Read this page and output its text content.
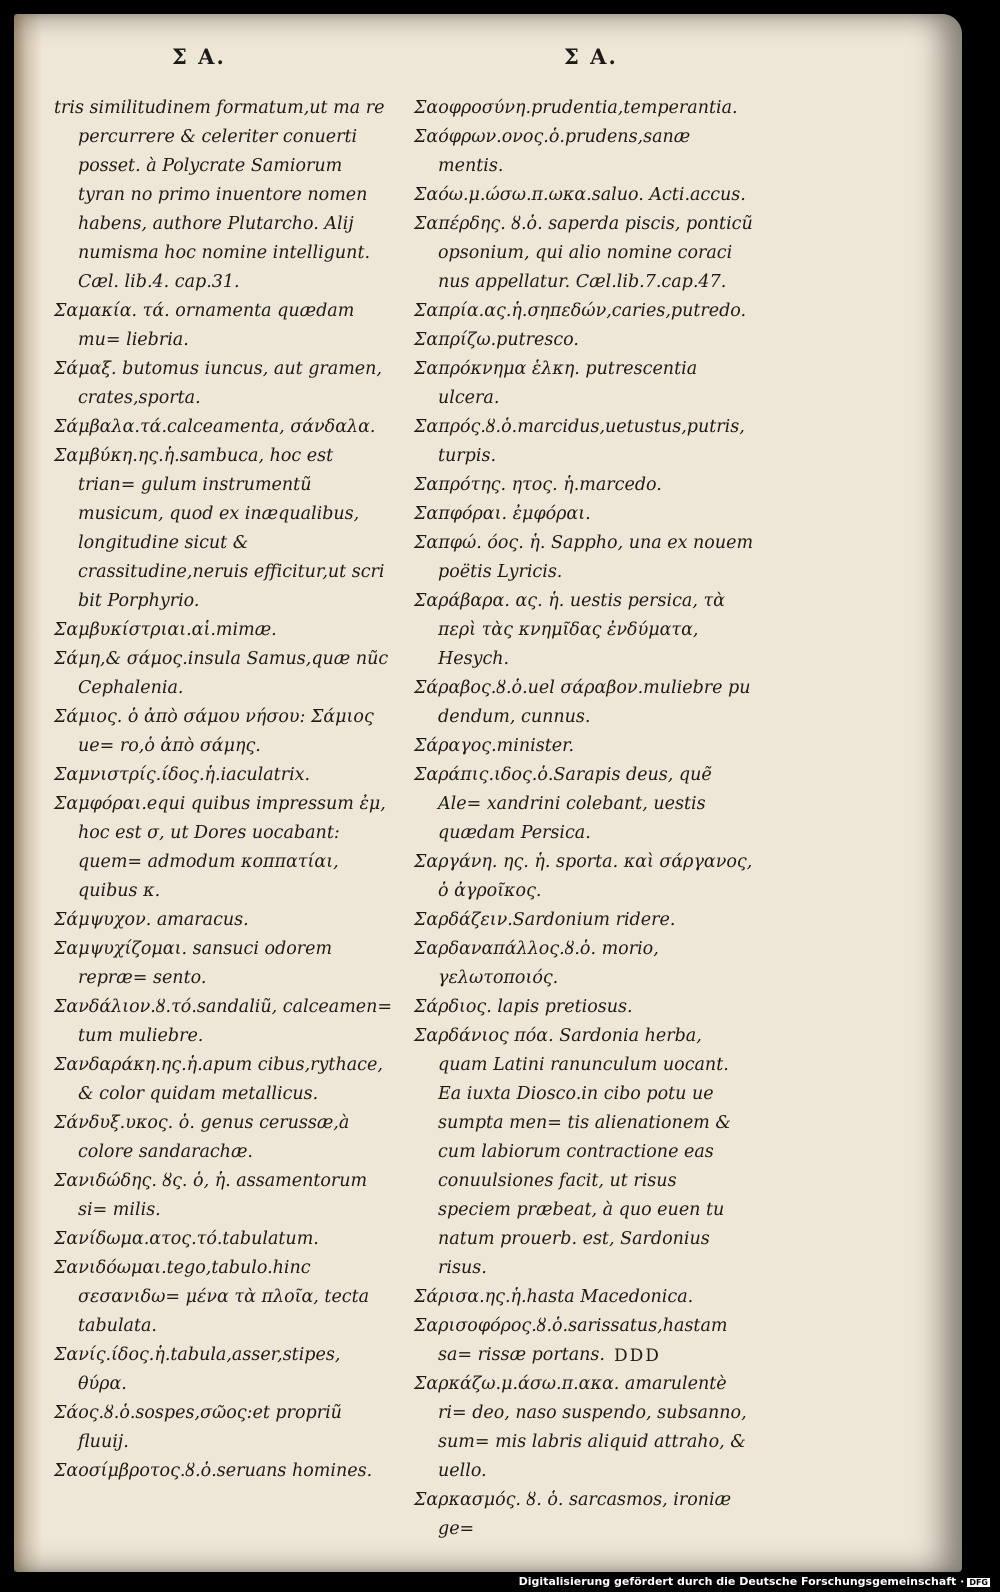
Σ A.	Σ A.

tris similitudinem formatum,ut ma re percurrere & celeriter conuerti posset. à Polycrate Samiorum tyran no primo inuentore nomen habens, authore Plutarcho. Alij numisma hoc nomine intelligunt. Cæl. lib.4. cap.31.

Σαμακία. τά. ornamenta quædam mu= liebria.

Σάμαξ. butomus iuncus, aut gramen, crates,sporta.

Σάμβαλα.τά.calceamenta, σάνδαλα.

Σαμβύκη.ης.ἡ.sambuca, hoc est trian= gulum instrumentũ musicum, quod ex inæqualibus, longitudine sicut & crassitudine,neruis efficitur,ut scri bit Porphyrio.

Σαμβυκίστριαι.αἱ.mimæ.

Σάμη,& σάμος.insula Samus,quæ nũc Cephalenia.

Σάμιος. ὁ ἀπὸ σάμου νήσου: Σάμιος ue= ro,ὁ ἀπὸ σάμης.

Σαμνιστρίς.ίδος.ἡ.iaculatrix.

Σαμφόραι.equi quibus impressum ἐμ, hoc est σ, ut Dores uocabant: quem= admodum κοππατίαι, quibus κ.

Σάμψυχον. amaracus.

Σαμψυχίζομαι. sansuci odorem repræ= sento.

Σανδάλιον.ȣ.τό.sandaliũ, calceamen= tum muliebre.

Σανδαράκη.ης.ἡ.apum cibus,rythace, & color quidam metallicus.

Σάνδυξ.υκος. ὁ. genus cerussæ,à colore sandarachæ.

Σανιδώδης. ȣς. ὁ, ἡ. assamentorum si= milis.

Σανίδωμα.ατος.τό.tabulatum.

Σανιδόωμαι.tego,tabulo.hinc σεσανιδω= μένα τὰ πλοῖα, tecta tabulata.

Σανίς.ίδος.ἡ.tabula,asser,stipes, θύρα.

Σάος.ȣ.ὁ.sospes,σῶος:et propriũ fluuij.

Σαοσίμβροτος.ȣ.ὁ.seruans homines.

Σαοφροσύνη.prudentia,temperantia.

Σαόφρων.ονος.ὁ.prudens,sanæ mentis.

Σαόω.μ.ώσω.π.ωκα.saluo. Acti.accus.

Σαπέρδης. ȣ.ὁ. saperda piscis, ponticũ opsonium, qui alio nomine coraci nus appellatur. Cæl.lib.7.cap.47.

Σαπρία.ας.ἡ.σηπεδών,caries,putredo.

Σαπρίζω.putresco.

Σαπρόκνημα ἑλκη. putrescentia ulcera.

Σαπρός.ȣ.ὁ.marcidus,uetustus,putris, turpis.

Σαπρότης. ητος. ἡ.marcedo.

Σαπφόραι. ἐμφόραι.

Σαπφώ. όος. ἡ. Sappho, una ex nouem poëtis Lyricis.

Σαράβαρα. ας. ἡ. uestis persica, τὰ περὶ τὰς κνημῖδας ἐνδύματα, Hesych.

Σάραβος.ȣ.ὁ.uel σάραβον.muliebre pu dendum, cunnus.

Σάραγος.minister.

Σαράπις.ιδος.ὁ.Sarapis deus, quẽ Ale= xandrini colebant, uestis quædam Persica.

Σαργάνη. ης. ἡ. sporta. καὶ σάργανος, ὁ ἀγροῖκος.

Σαρδάζειν.Sardonium ridere.

Σαρδαναπάλλος.ȣ.ὁ. morio, γελωτοποιός.

Σάρδιος. lapis pretiosus.

Σαρδάνιος πόα. Sardonia herba, quam Latini ranunculum uocant. Ea iuxta Diosco.in cibo potu ue sumpta men= tis alienationem & cum labiorum contractione eas conuulsiones facit, ut risus speciem præbeat, à quo euen tu natum prouerb. est, Sardonius risus.

Σάρισα.ης.ἡ.hasta Macedonica.

Σαρισοφόρος.ȣ.ὁ.sarissatus,hastam sa= rissæ portans.

Σαρκάζω.μ.άσω.π.ακα. amarulentè ri= deo, naso suspendo, subsanno, sum= mis labris aliquid attraho, & uello.

Σαρκασμός. ȣ. ὁ. sarcasmos, ironiæ ge=

DDD
Digitalisierung gefördert durch die Deutsche Forschungsgemeinschaft · DFG
